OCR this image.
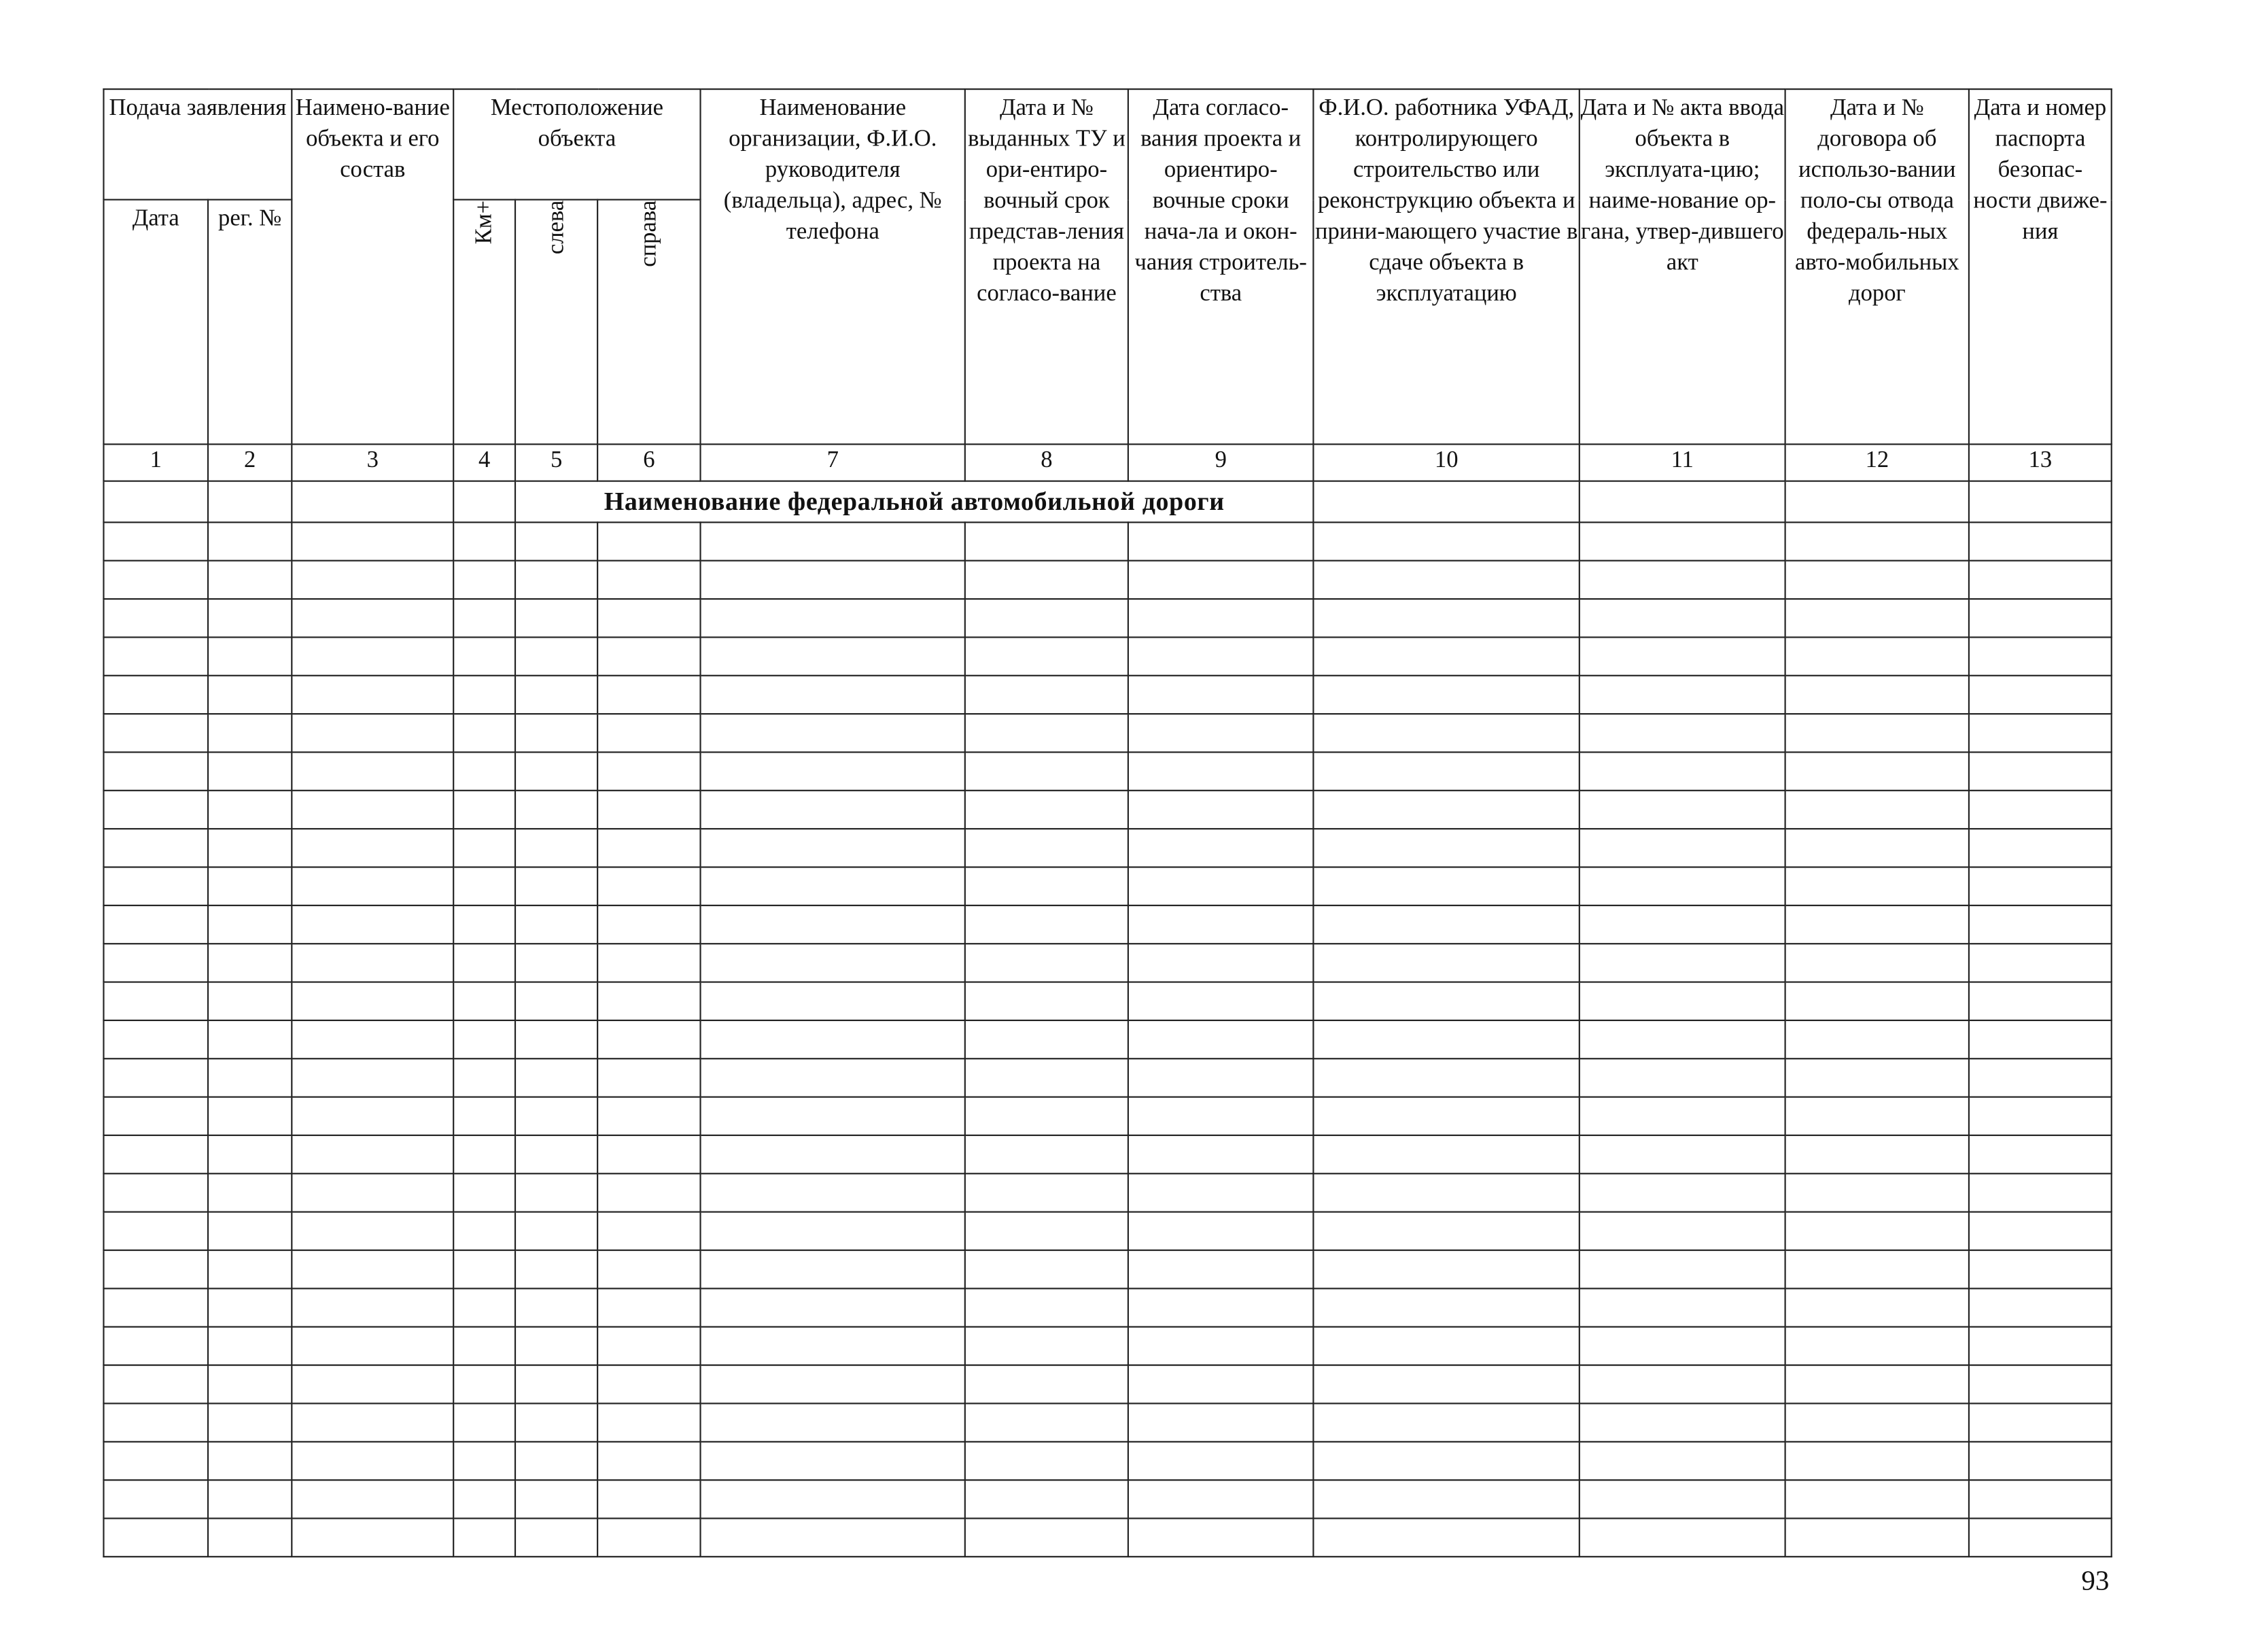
Подача заявления		Наимено-вание объекта и его состав	Местоположение объекта			Наименование организации, Ф.И.О. руководителя (владельца), адрес, № телефона	Дата и № выданных ТУ и ори-ентиро-вочный срок представ-ления проекта на согласо-вание	Дата согласо-вания проекта и ориентиро-вочные сроки нача-ла и окон-чания строитель-ства	Ф.И.О. работника УФАД, контролирующего строительство или реконструкцию объекта и прини-мающего участие в сдаче объекта в эксплуатацию	Дата и № акта ввода объекта в эксплуата-цию; наиме-нование ор-гана, утвер-дившего акт	Дата и № договора об использо-вании поло-сы отвода федераль-ных авто-мобильных дорог	Дата и номер паспорта безопас-ности движе-ния

Дата	рег. №		Км+	слева	справа							
1	2	3	4	5	6	7	8	9	10	11	12	13
				Наименование федеральной автомобильной дороги								

93
